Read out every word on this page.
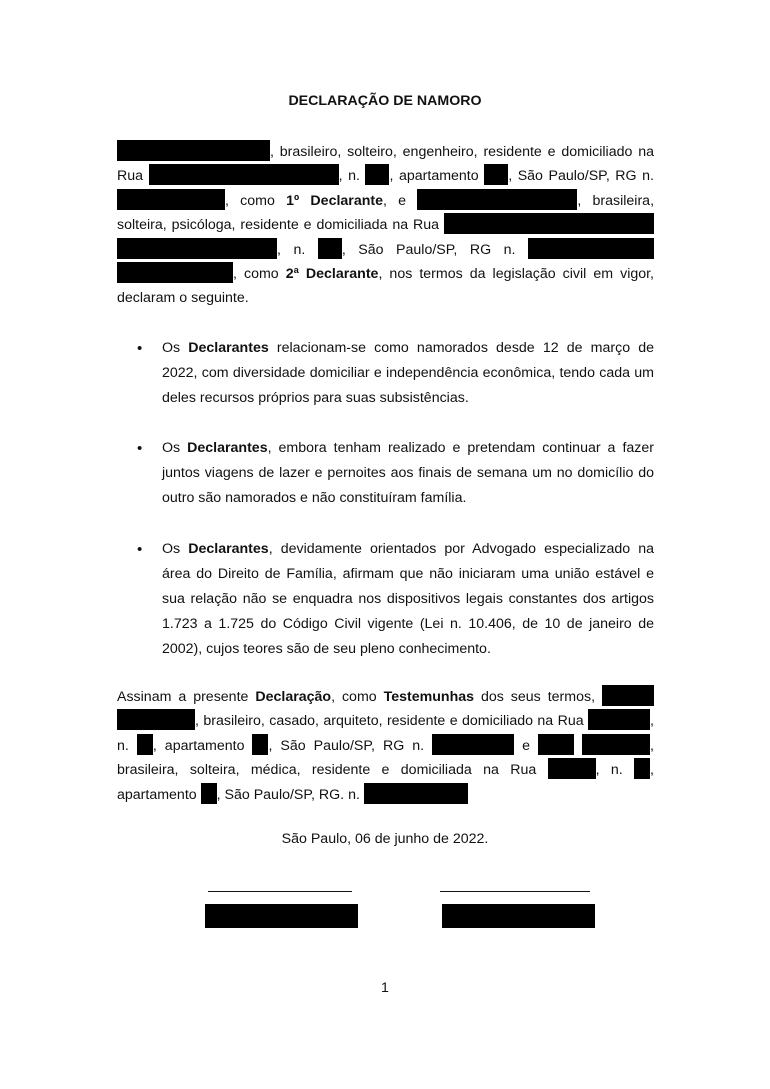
DECLARAÇÃO DE NAMORO

, brasileiro, solteiro, engenheiro, residente e domiciliado na Rua	, n. , apartamento , São Paulo/SP, RG n. , como 1º Declarante, e	, brasileira, solteira, psicóloga, residente e domiciliada na Rua  , n.	, São Paulo/SP, RG n.  , como 2ª Declarante, nos termos da legislação civil em vigor, declaram o seguinte.

• Os Declarantes relacionam-se como namorados desde 12 de março de 2022, com diversidade domiciliar e independência econômica, tendo cada um deles recursos próprios para suas subsistências.

• Os Declarantes, embora tenham realizado e pretendam continuar a fazer juntos viagens de lazer e pernoites aos finais de semana um no domicílio do outro são namorados e não constituíram família.

• Os Declarantes, devidamente orientados por Advogado especializado na área do Direito de Família, afirmam que não iniciaram uma união estável e sua relação não se enquadra nos dispositivos legais constantes dos artigos 1.723 a 1.725 do Código Civil vigente (Lei n. 10.406, de 10 de janeiro de 2002), cujos teores são de seu pleno conhecimento.

Assinam a presente Declaração, como Testemunhas dos seus termos,  , brasileiro, casado, arquiteto, residente e domiciliado na Rua	, n. , apartamento , São Paulo/SP, RG n.	e	, brasileira, solteira, médica, residente e domiciliada na Rua	, n. , apartamento , São Paulo/SP, RG. n.

São Paulo, 06 de junho de 2022.
1
